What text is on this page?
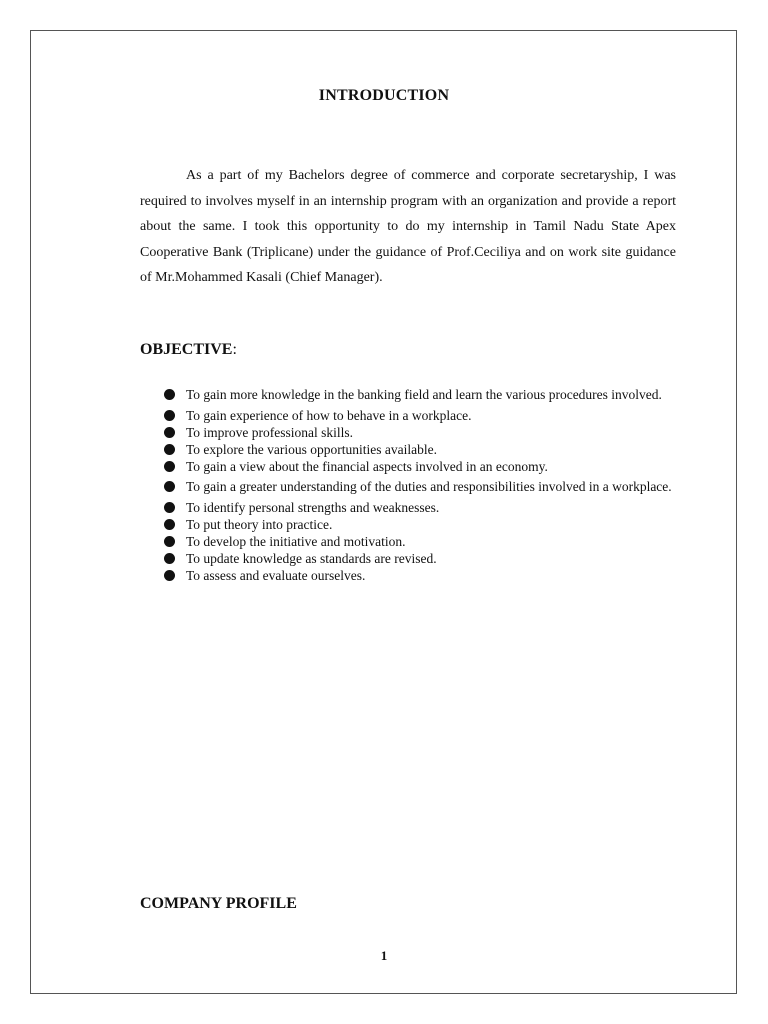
INTRODUCTION

As a part of my Bachelors degree of commerce and corporate secretaryship, I was required to involves myself in an internship program with an organization and provide a report about the same. I took this opportunity to do my internship in Tamil Nadu State Apex Cooperative Bank (Triplicane) under the guidance of Prof.Ceciliya and on work site guidance of Mr.Mohammed Kasali (Chief Manager).

OBJECTIVE:

To gain more knowledge in the banking field and learn the various procedures involved.
To gain experience of how to behave in a workplace.
To improve professional skills.
To explore the various opportunities available.
To gain a view about the financial aspects involved in an economy.
To gain a greater understanding of the duties and responsibilities involved in a workplace.
To identify personal strengths and weaknesses.
To put theory into practice.
To develop the initiative and motivation.
To update knowledge as standards are revised.
To assess and evaluate ourselves.

COMPANY PROFILE

1
